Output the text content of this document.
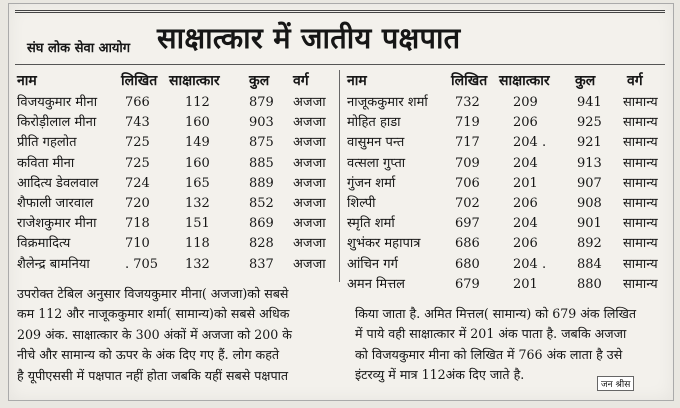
संघ लोक सेवा आयोग साक्षात्कार में जातीय पक्षपात
नाम	लिखित साक्षात्कार कुल वर्ग
विजयकुमार मीना 766	112	879 अजजा
किरोड़ीलाल मीना 743	160	903 अजजा
प्रीति गहलोत	725	149	875 अजजा
कविता मीना	725	160	885 अजजा
आदित्य डेवलवाल 724	165	889 अजजा
शैफाली जारवाल 720	132	852 अजजा
राजेशकुमार मीना 718	151	869 अजजा
विक्रमादित्य	710	118	828 अजजा
शैलेन्द्र बामनिया	. 705 132	837 अजजा
नाम	लिखित साक्षात्कार कुल वर्ग
नाजूककुमार शर्मा 732	209	941 सामान्य
मोहित हाडा	719	206	925 सामान्य
वासुमन पन्त	717	204 . 921 सामान्य
वत्सला गुप्ता	709	204	913 सामान्य
गुंजन शर्मा	706	201	907 सामान्य
शिल्पी	702	206	908 सामान्य
स्मृति शर्मा	697	204	901 सामान्य
शुभंकर महापात्र	686	206	892 सामान्य
आंचिन गर्ग	680	204 . 884 सामान्य
अमन मित्तल	679	201	880 सामान्य
उपरोक्त टेबिल अनुसार विजयकुमार मीना( अजजा)को सबसे
कम 112 और नाजूककुमार शर्मा( सामान्य)को सबसे अधिक
209 अंक. साक्षात्कार के 300 अंकों में अजजा को 200 के
नीचे और सामान्य को ऊपर के अंक दिए गए हैं. लोग कहते
है यूपीएससी में पक्षपात नहीं होता जबकि यहीं सबसे पक्षपात
किया जाता है. अमित मित्तल( सामान्य) को 679 अंक लिखित
में पाये वही साक्षात्कार में 201 अंक पाता है. जबकि अजजा
को विजयकुमार मीना को लिखित में 766 अंक लाता है उसे
इंटरव्यु में मात्र 112अंक दिए जाते है.
जन श्रीस
